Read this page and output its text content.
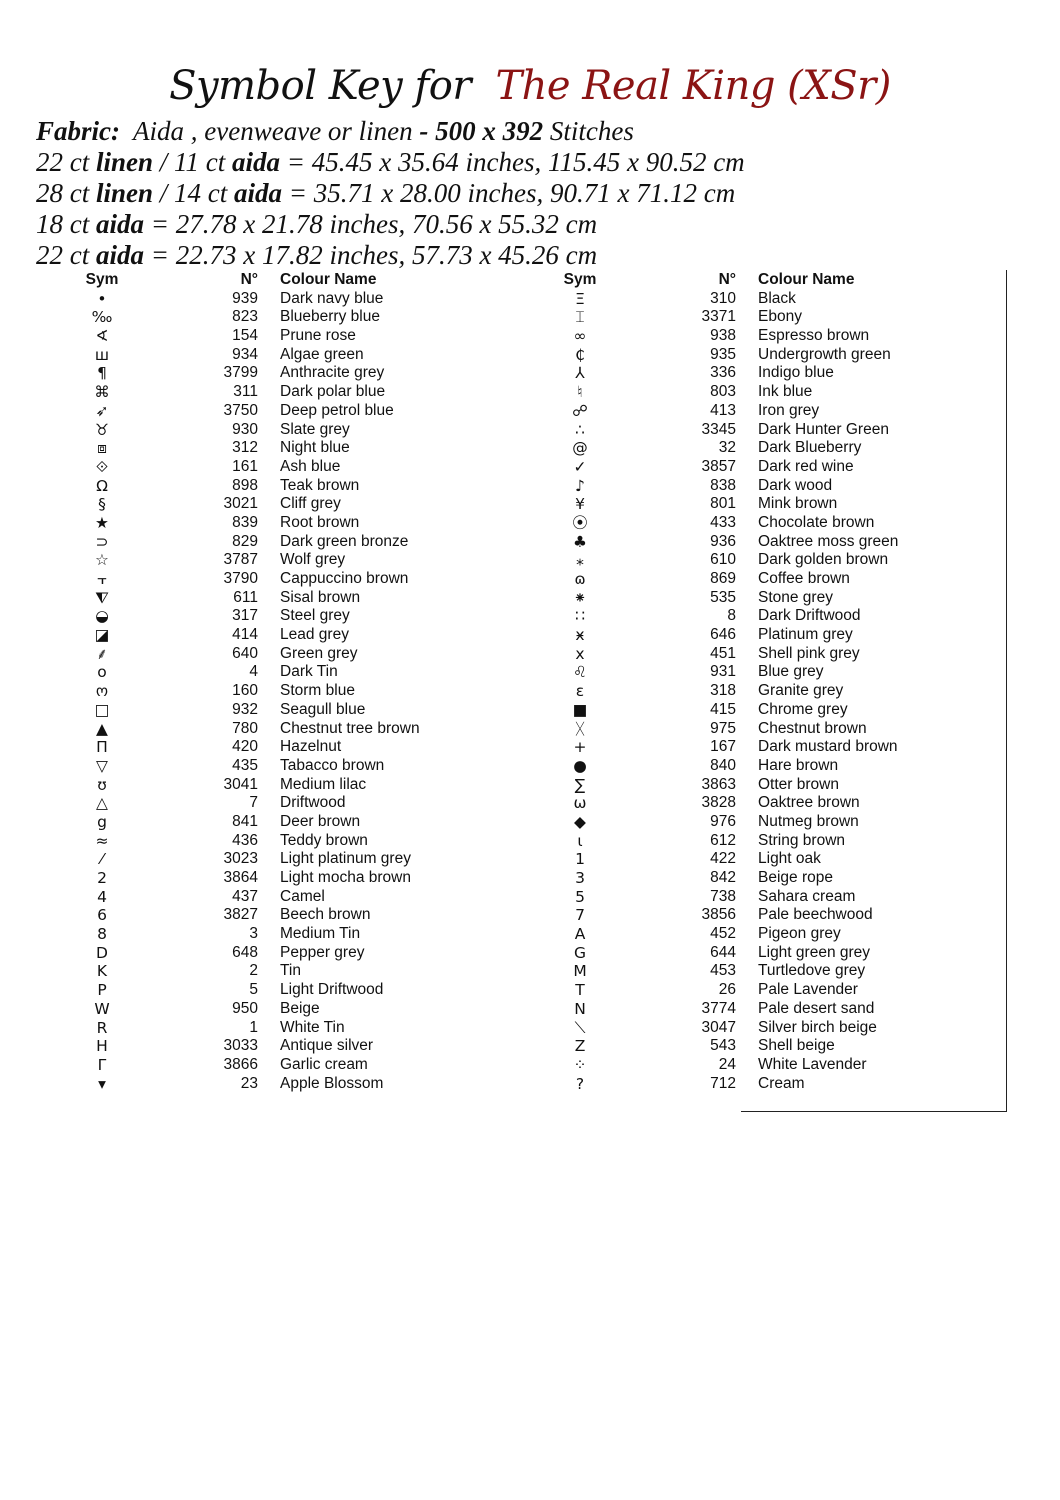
Symbol Key for The Real King (XSr)
Fabric: Aida , evenweave or linen - 500 x 392 Stitches
22 ct linen / 11 ct aida = 45.45 x 35.64 inches, 115.45 x 90.52 cm
28 ct linen / 14 ct aida = 35.71 x 28.00 inches, 90.71 x 71.12 cm
18 ct aida = 27.78 x 21.78 inches, 70.56 x 55.32 cm
22 ct aida = 22.73 x 17.82 inches, 57.73 x 45.26 cm
Sym	N° Colour Name
•	939 Dark navy blue
‰	823 Blueberry blue
∢	154 Prune rose
ш	934 Algae green
¶	3799 Anthracite grey
⌘	311 Dark polar blue
➶	3750 Deep petrol blue
♉	930 Slate grey
⧈	312 Night blue
⟐	161 Ash blue
Ω	898 Teak brown
§	3021 Cliff grey
★	839 Root brown
⊃	829 Dark green bronze
☆	3787 Wolf grey
⫟	3790 Cappuccino brown
⧨	611 Sisal brown
◒	317 Steel grey
◪	414 Lead grey
⸙	640 Green grey
o	4 Dark Tin
ო	160 Storm blue
□	932 Seagull blue
▲	780 Chestnut tree brown
Π	420 Hazelnut
▽	435 Tabacco brown
ʊ	3041 Medium lilac
△	7 Driftwood
g	841 Deer brown
≈	436 Teddy brown
⁄	3023 Light platinum grey
2	3864 Light mocha brown
4	437 Camel
6	3827 Beech brown
8	3 Medium Tin
D	648 Pepper grey
K	2 Tin
P	5 Light Driftwood
W	950 Beige
R	1 White Tin
H	3033 Antique silver
Γ	3866 Garlic cream
▾	23 Apple Blossom
Sym	N° Colour Name
Ξ	310 Black
⌶	3371 Ebony
∞	938 Espresso brown
₵	935 Undergrowth green
⅄	336 Indigo blue
♮	803 Ink blue
☍	413 Iron grey
∴	3345 Dark Hunter Green
@	32 Dark Blueberry
✓	3857 Dark red wine
♪	838 Dark wood
¥	801 Mink brown
⦿	433 Chocolate brown
♣	936 Oaktree moss green
⁎	610 Dark golden brown
ɷ	869 Coffee brown
⁕	535 Stone grey
∷	8 Dark Driftwood
ӿ	646 Platinum grey
x	451 Shell pink grey
♌	931 Blue grey
ε	318 Granite grey
■	415 Chrome grey
ᚷ	975 Chestnut brown
+	167 Dark mustard brown
●	840 Hare brown
∑	3863 Otter brown
ω	3828 Oaktree brown
◆	976 Nutmeg brown
ɩ	612 String brown
1	422 Light oak
3	842 Beige rope
5	738 Sahara cream
7	3856 Pale beechwood
A	452 Pigeon grey
G	644 Light green grey
M	453 Turtledove grey
T	26 Pale Lavender
N	3774 Pale desert sand
⟍	3047 Silver birch beige
Z	543 Shell beige
⁘	24 White Lavender
?	712 Cream
